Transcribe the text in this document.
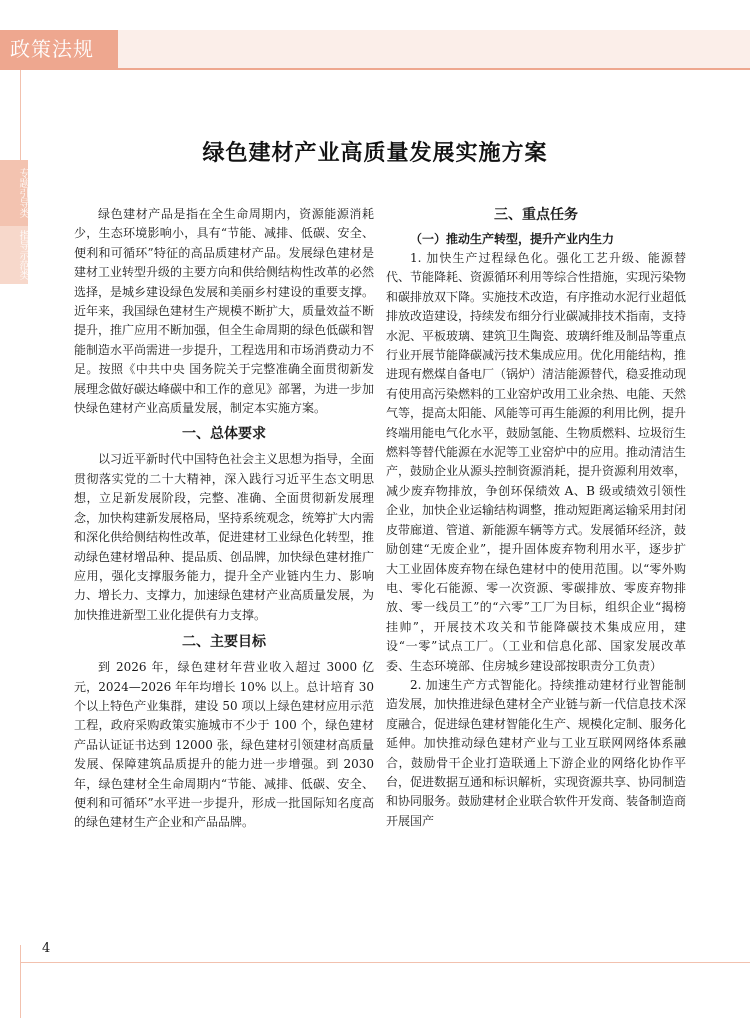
政策法规
专题引导类
指导示范类
绿色建材产业高质量发展实施方案

绿色建材产品是指在全生命周期内，资源能源消耗少，生态环境影响小，具有“节能、减排、低碳、安全、便利和可循环”特征的高品质建材产品。发展绿色建材是建材工业转型升级的主要方向和供给侧结构性改革的必然选择，是城乡建设绿色发展和美丽乡村建设的重要支撑。近年来，我国绿色建材生产规模不断扩大，质量效益不断提升，推广应用不断加强，但全生命周期的绿色低碳和智能制造水平尚需进一步提升，工程选用和市场消费动力不足。按照《中共中央 国务院关于完整准确全面贯彻新发展理念做好碳达峰碳中和工作的意见》部署，为进一步加快绿色建材产业高质量发展，制定本实施方案。

一、总体要求

以习近平新时代中国特色社会主义思想为指导，全面贯彻落实党的二十大精神，深入践行习近平生态文明思想，立足新发展阶段，完整、准确、全面贯彻新发展理念，加快构建新发展格局，坚持系统观念，统筹扩大内需和深化供给侧结构性改革，促进建材工业绿色化转型，推动绿色建材增品种、提品质、创品牌，加快绿色建材推广应用，强化支撑服务能力，提升全产业链内生力、影响力、增长力、支撑力，加速绿色建材产业高质量发展，为加快推进新型工业化提供有力支撑。

二、主要目标

到 2026 年，绿色建材年营业收入超过 3000 亿元，2024—2026 年年均增长 10% 以上。总计培育 30 个以上特色产业集群，建设 50 项以上绿色建材应用示范工程，政府采购政策实施城市不少于 100 个，绿色建材产品认证证书达到 12000 张，绿色建材引领建材高质量发展、保障建筑品质提升的能力进一步增强。到 2030 年，绿色建材全生命周期内“节能、减排、低碳、安全、便利和可循环”水平进一步提升，形成一批国际知名度高的绿色建材生产企业和产品品牌。

三、重点任务
（一）推动生产转型，提升产业内生力

1. 加快生产过程绿色化。强化工艺升级、能源替代、节能降耗、资源循环利用等综合性措施，实现污染物和碳排放双下降。实施技术改造，有序推动水泥行业超低排放改造建设，持续发布细分行业碳减排技术指南，支持水泥、平板玻璃、建筑卫生陶瓷、玻璃纤维及制品等重点行业开展节能降碳减污技术集成应用。优化用能结构，推进现有燃煤自备电厂（锅炉）清洁能源替代，稳妥推动现有使用高污染燃料的工业窑炉改用工业余热、电能、天然气等，提高太阳能、风能等可再生能源的利用比例，提升终端用能电气化水平，鼓励氢能、生物质燃料、垃圾衍生燃料等替代能源在水泥等工业窑炉中的应用。推动清洁生产，鼓励企业从源头控制资源消耗，提升资源利用效率，减少废弃物排放，争创环保绩效 A、B 级或绩效引领性企业，加快企业运输结构调整，推动短距离运输采用封闭皮带廊道、管道、新能源车辆等方式。发展循环经济，鼓励创建“无废企业”，提升固体废弃物利用水平，逐步扩大工业固体废弃物在绿色建材中的使用范围。以“零外购电、零化石能源、零一次资源、零碳排放、零废弃物排放、零一线员工”的“六零”工厂为目标，组织企业“揭榜挂帅”，开展技术攻关和节能降碳技术集成应用，建设“一零”试点工厂。（工业和信息化部、国家发展改革委、生态环境部、住房城乡建设部按职责分工负责）

2. 加速生产方式智能化。持续推动建材行业智能制造发展，加快推进绿色建材全产业链与新一代信息技术深度融合，促进绿色建材智能化生产、规模化定制、服务化延伸。加快推动绿色建材产业与工业互联网网络体系融合，鼓励骨干企业打造联通上下游企业的网络化协作平台，促进数据互通和标识解析，实现资源共享、协同制造和协同服务。鼓励建材企业联合软件开发商、装备制造商开展国产

4
